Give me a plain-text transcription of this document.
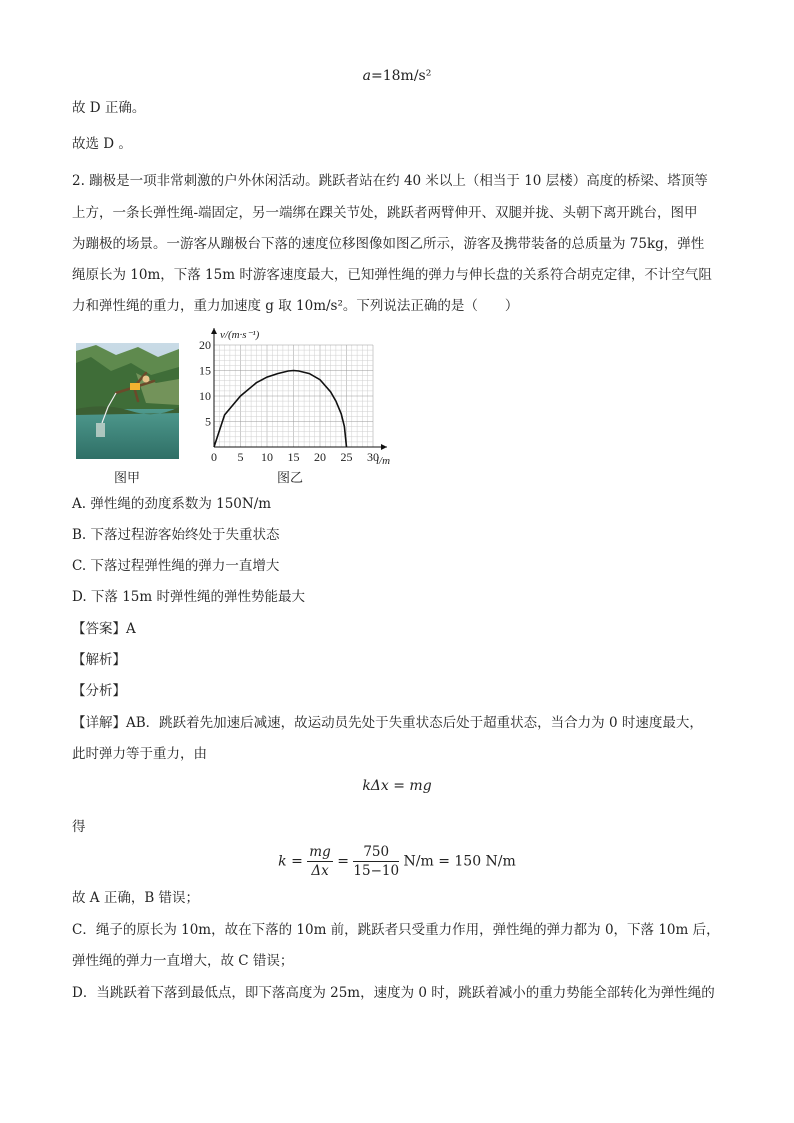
a=18m/s²
故 D 正确。
故选 D 。
2. 蹦极是一项非常刺激的户外休闲活动。跳跃者站在约 40 米以上（相当于 10 层楼）高度的桥梁、塔顶等
上方，一条长弹性绳-端固定，另一端绑在踝关节处，跳跃者两臂伸开、双腿并拢、头朝下离开跳台，图甲
为蹦极的场景。一游客从蹦极台下落的速度位移图像如图乙所示，游客及携带装备的总质量为 75kg，弹性
绳原长为 10m，下落 15m 时游客速度最大，已知弹性绳的弹力与伸长盘的关系符合胡克定律，不计空气阻
力和弹性绳的重力，重力加速度 g 取 10m/s²。下列说法正确的是（　　）
图甲
0 5 10 15 20 25 30
5
10
15
20
v/(m·s⁻¹)
l/m
图乙
A. 弹性绳的劲度系数为 150N/m
B. 下落过程游客始终处于失重状态
C. 下落过程弹性绳的弹力一直增大
D. 下落 15m 时弹性绳的弹性势能最大
【答案】A
【解析】
【分析】
【详解】AB．跳跃着先加速后减速，故运动员先处于失重状态后处于超重状态，当合力为 0 时速度最大，
此时弹力等于重力，由
kΔx = mg
得
$k = \frac{mg}{\Delta x} = \frac{750}{15-10} N/m = 150$ N/m
故 A 正确，B 错误；
C．绳子的原长为 10m，故在下落的 10m 前，跳跃者只受重力作用，弹性绳的弹力都为 0，下落 10m 后，
弹性绳的弹力一直增大，故 C 错误；
D．当跳跃着下落到最低点，即下落高度为 25m，速度为 0 时，跳跃着减小的重力势能全部转化为弹性绳的
